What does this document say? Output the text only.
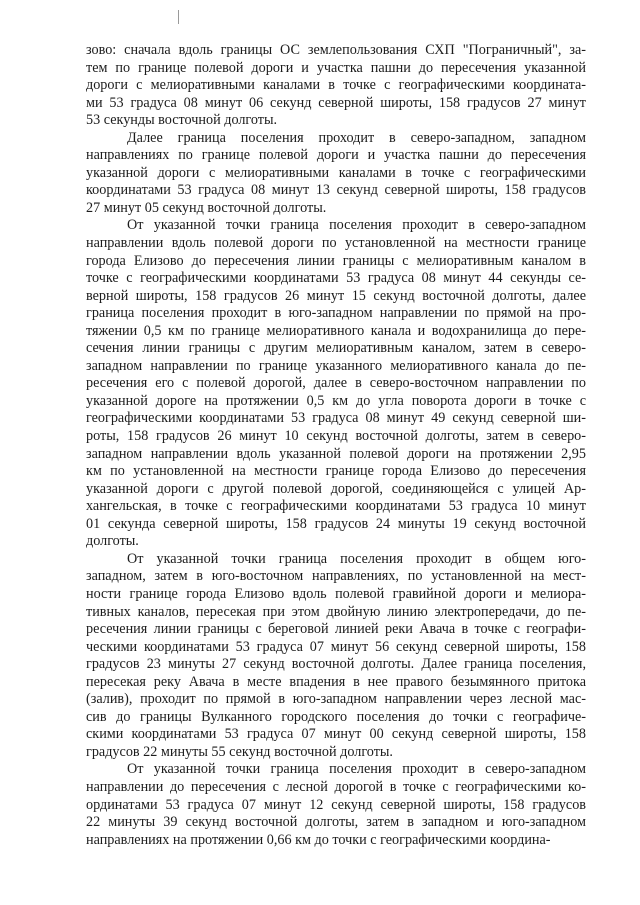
зово: сначала вдоль границы ОС землепользования СХП "Пограничный", за-
тем по границе полевой дороги и участка пашни до пересечения указанной
дороги с мелиоративными каналами в точке с географическими координата-
ми 53 градуса 08 минут 06 секунд северной широты, 158 градусов 27 минут
53 секунды восточной долготы.

Далее граница поселения проходит в северо-западном, западном
направлениях по границе полевой дороги и участка пашни до пересечения
указанной дороги с мелиоративными каналами в точке с географическими
координатами 53 градуса 08 минут 13 секунд северной широты, 158 градусов
27 минут 05 секунд восточной долготы.

От указанной точки граница поселения проходит в северо-западном
направлении вдоль полевой дороги по установленной на местности границе
города Елизово до пересечения линии границы с мелиоративным каналом в
точке с географическими координатами 53 градуса 08 минут 44 секунды се-
верной широты, 158 градусов 26 минут 15 секунд восточной долготы, далее
граница поселения проходит в юго-западном направлении по прямой на про-
тяжении 0,5 км по границе мелиоративного канала и водохранилища до пере-
сечения линии границы с другим мелиоративным каналом, затем в северо-
западном направлении по границе указанного мелиоративного канала до пе-
ресечения его с полевой дорогой, далее в северо-восточном направлении по
указанной дороге на протяжении 0,5 км до угла поворота дороги в точке с
географическими координатами 53 градуса 08 минут 49 секунд северной ши-
роты, 158 градусов 26 минут 10 секунд восточной долготы, затем в северо-
западном направлении вдоль указанной полевой дороги на протяжении 2,95
км по установленной на местности границе города Елизово до пересечения
указанной дороги с другой полевой дорогой, соединяющейся с улицей Ар-
хангельская, в точке с географическими координатами 53 градуса 10 минут
01 секунда северной широты, 158 градусов 24 минуты 19 секунд восточной
долготы.

От указанной точки граница поселения проходит в общем юго-
западном, затем в юго-восточном направлениях, по установленной на мест-
ности границе города Елизово вдоль полевой гравийной дороги и мелиора-
тивных каналов, пересекая при этом двойную линию электропередачи, до пе-
ресечения линии границы с береговой линией реки Авача в точке с географи-
ческими координатами 53 градуса 07 минут 56 секунд северной широты, 158
градусов 23 минуты 27 секунд восточной долготы. Далее граница поселения,
пересекая реку Авача в месте впадения в нее правого безымянного притока
(залив), проходит по прямой в юго-западном направлении через лесной мас-
сив до границы Вулканного городского поселения до точки с географиче-
скими координатами 53 градуса 07 минут 00 секунд северной широты, 158
градусов 22 минуты 55 секунд восточной долготы.

От указанной точки граница поселения проходит в северо-западном
направлении до пересечения с лесной дорогой в точке с географическими ко-
ординатами 53 градуса 07 минут 12 секунд северной широты, 158 градусов
22 минуты 39 секунд восточной долготы, затем в западном и юго-западном
направлениях на протяжении 0,66 км до точки с географическими координа-
